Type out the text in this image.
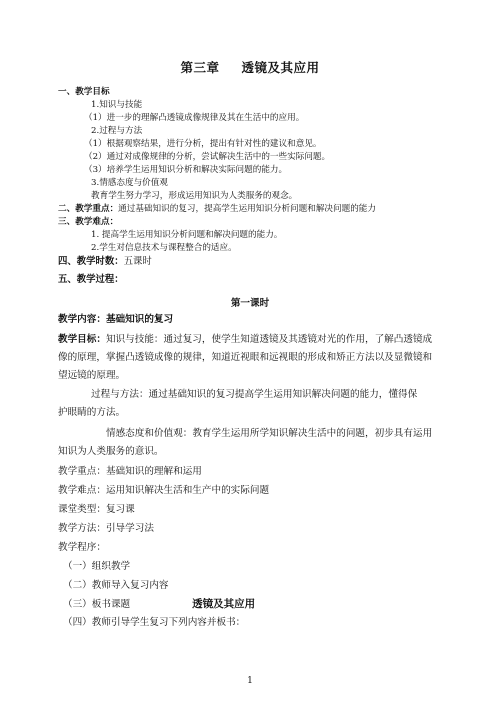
第三章 透镜及其应用
一、教学目标
1.知识与技能
（1）进一步的理解凸透镜成像规律及其在生活中的应用。
2.过程与方法
（1）根据观察结果，进行分析，提出有针对性的建议和意见。
（2）通过对成像规律的分析，尝试解决生活中的一些实际问题。
（3）培养学生运用知识分析和解决实际问题的能力。
3.情感态度与价值观
教育学生努力学习，形成运用知识为人类服务的观念。
二、教学重点：通过基础知识的复习，提高学生运用知识分析问题和解决问题的能力
三、教学难点：
1. 提高学生运用知识分析问题和解决问题的能力。
2.学生对信息技术与课程整合的适应。
四、教学时数：五课时
五、教学过程：
第一课时
教学内容：基础知识的复习
教学目标：知识与技能：通过复习，使学生知道透镜及其透镜对光的作用，了解凸透镜成
像的原理，掌握凸透镜成像的规律，知道近视眼和远视眼的形成和矫正方法以及显微镜和
望远镜的原理。
过程与方法：通过基础知识的复习提高学生运用知识解决问题的能力，懂得保
护眼睛的方法。
情感态度和价值观：教育学生运用所学知识解决生活中的问题，初步具有运用
知识为人类服务的意识。
教学重点：基础知识的理解和运用
教学难点：运用知识解决生活和生产中的实际问题
课堂类型：复习课
教学方法：引导学习法
教学程序：
（一）组织教学
（二）教师导入复习内容
（三）板书课题	透镜及其应用
（四）教师引导学生复习下列内容并板书：
1
